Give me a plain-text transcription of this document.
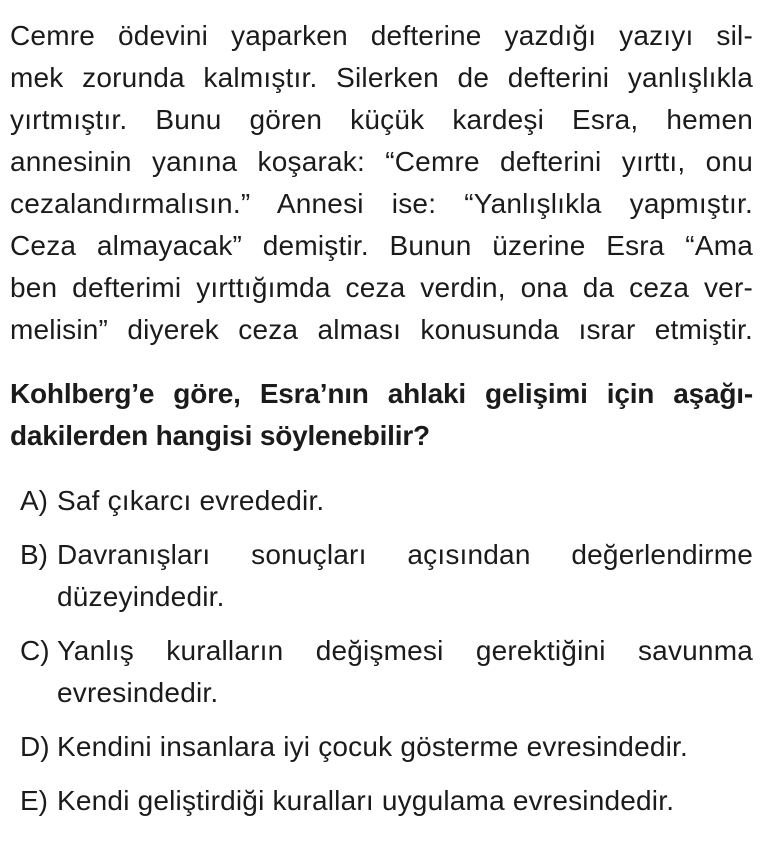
Cemre ödevini yaparken defterine yazdığı yazıyı sil-
mek zorunda kalmıştır. Silerken de defterini yanlışlıkla
yırtmıştır. Bunu gören küçük kardeşi Esra, hemen
annesinin yanına koşarak: “Cemre defterini yırttı, onu
cezalandırmalısın.” Annesi ise: “Yanlışlıkla yapmıştır.
Ceza almayacak” demiştir. Bunun üzerine Esra “Ama
ben defterimi yırttığımda ceza verdin, ona da ceza ver-
melisin” diyerek ceza alması konusunda ısrar etmiştir.
Kohlberg’e göre, Esra’nın ahlaki gelişimi için aşağı-
dakilerden hangisi söylenebilir?
A) Saf çıkarcı evrededir.
B) Davranışları sonuçları açısından değerlendirme
düzeyindedir.
C) Yanlış kuralların değişmesi gerektiğini savunma
evresindedir.
D) Kendini insanlara iyi çocuk gösterme evresindedir.
E) Kendi geliştirdiği kuralları uygulama evresindedir.
